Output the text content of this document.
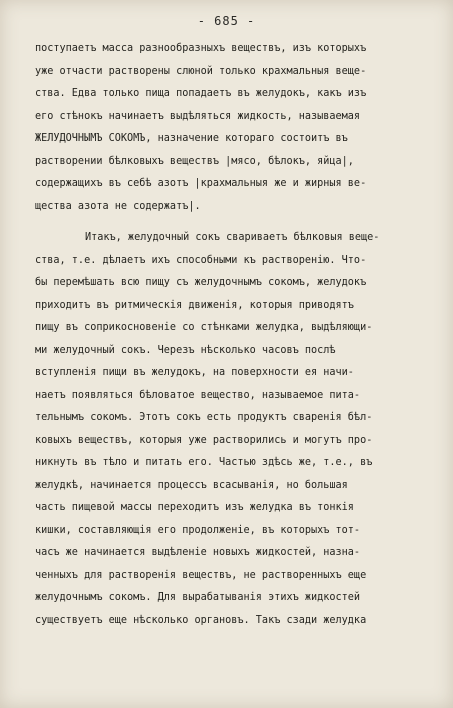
- 685 -
поступаетъ масса разнообразныхъ веществъ, изъ которыхъ
уже отчасти растворены слюной только крахмальныя веще-
ства. Едва только пища попадаетъ въ желудокъ, какъ изъ
его стѣнокъ начинаетъ выдѣляться жидкость, называемая
ЖЕЛУДОЧНЫМЪ СОКОМЪ, назначение котораго состоитъ въ
растворении бѣлковыхъ веществъ |мясо, бѣлокъ, яйца|,
содержащихъ въ себѣ азотъ |крахмальныя же и жирныя ве-
щества азота не содержатъ|.
Итакъ, желудочный сокъ свариваетъ бѣлковыя веще-
ства, т.е. дѣлаетъ ихъ способными къ растворенію. Что-
бы перемѣшать всю пищу съ желудочнымъ сокомъ, желудокъ
приходитъ въ ритмическія движенія, которыя приводятъ
пищу въ соприкосновеніе со стѣнками желудка, выдѣляющи-
ми желудочный сокъ. Черезъ нѣсколько часовъ послѣ
вступленія пищи въ желудокъ, на поверхности ея начи-
наетъ появляться бѣловатое вещество, называемое пита-
тельнымъ сокомъ. Этотъ сокъ есть продуктъ сваренія бѣл-
ковыхъ веществъ, которыя уже растворились и могутъ про-
никнуть въ тѣло и питать его. Частью здѣсь же, т.е., въ
желудкѣ, начинается процессъ всасыванія, но большая
часть пищевой массы переходитъ изъ желудка въ тонкія
кишки, составляющія его продолженіе, въ которыхъ тот-
часъ же начинается выдѣленіе новыхъ жидкостей, назна-
ченныхъ для растворенія веществъ, не растворенныхъ еще
желудочнымъ сокомъ. Для вырабатыванія этихъ жидкостей
существуетъ еще нѣсколько органовъ. Такъ сзади желудка
